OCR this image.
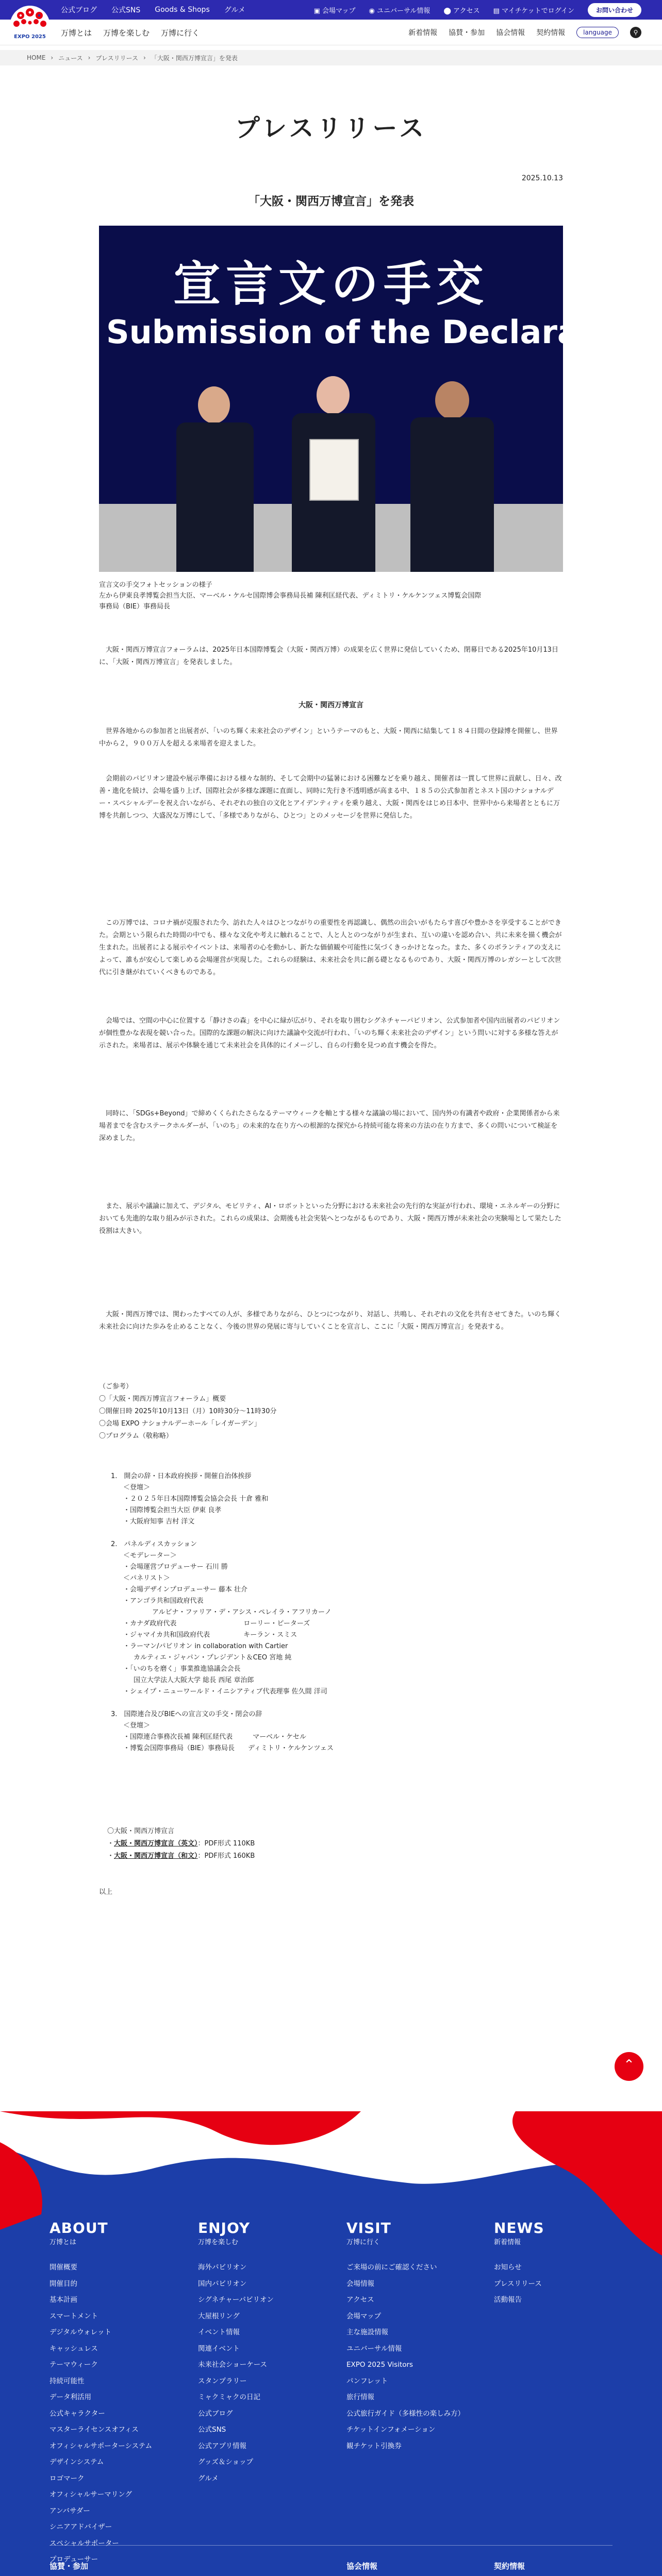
公式ブログ 公式SNS Goods & Shops グルメ	▣ 会場マップ ◉ ユニバーサル情報 ⬤ アクセス ▤ マイチケットでログイン	お問い合わせ
EXPO 2025	万博とは 万博を楽しむ 万博に行く	新着情報 協賛・参加 協会情報 契約情報	language	⚲
HOME › ニュース › プレスリリース › 「大阪・関西万博宣言」を発表
プレスリリース
2025.10.13
「大阪・関西万博宣言」を発表
宣言文の手交
Submission of the Declaration
宣言文の手交フォトセッションの様子
左から伊東良孝博覧会担当大臣、マーベル・ケルセ国際博会事務局長補 陳利匡経代表、ディミトリ・ケルケンツェス博覧会国際
事務局（BIE）事務局長

　大阪・関西万博宣言フォーラムは、2025年日本国際博覧会（大阪・関西万博）の成果を広く世界に発信していくため、閉幕日である2025年10月13日に、「大阪・関西万博宣言」を発表しました。

大阪・関西万博宣言

　世界各地からの参加者と出展者が、「いのち輝く未来社会のデザイン」というテーマのもと、大阪・関西に結集して１８４日間の登録博を開催し、世界中から２，９００万人を超える来場者を迎えました。

　会期前のパビリオン建設や展示準備における様々な制約、そして会期中の猛暑における困難などを乗り越え、開催者は一貫して世界に貢献し、日々、改善・進化を続け、会場を盛り上げ、国際社会が多様な課題に直面し、同時に先行き不透明感が高まる中、１８５の公式参加者とネスト国のナショナルデー・スペシャルデーを祝え合いながら、それぞれの独自の文化とアイデンティティを乗り越え、大阪・関西をはじめ日本中、世界中から来場者とともに万博を共創しつつ、大盛況な万博にして、「多様でありながら、ひとつ」とのメッセージを世界に発信した。

　この万博では、コロナ禍が克服された今、訪れた人々はひとつながりの重要性を再認識し、偶然の出会いがもたらす喜びや豊かさを享受することができた。会期という限られた時間の中でも、様々な文化や考えに触れることで、人と人とのつながりが生まれ、互いの違いを認め合い、共に未来を描く機会が生まれた。出展者による展示やイベントは、来場者の心を動かし、新たな価値観や可能性に気づくきっかけとなった。また、多くのボランティアの支えによって、誰もが安心して楽しめる会場運営が実現した。これらの経験は、未来社会を共に創る礎となるものであり、大阪・関西万博のレガシーとして次世代に引き継がれていくべきものである。

　会場では、空間の中心に位置する「静けさの森」を中心に緑が広がり、それを取り囲むシグネチャーパビリオン、公式参加者や国内出展者のパビリオンが個性豊かな表現を競い合った。国際的な課題の解決に向けた議論や交流が行われ、「いのち輝く未来社会のデザイン」という問いに対する多様な答えが示された。来場者は、展示や体験を通じて未来社会を具体的にイメージし、自らの行動を見つめ直す機会を得た。

　同時に、「SDGs+Beyond」で締めくくられたさらなるテーマウィークを軸とする様々な議論の場において、国内外の有識者や政府・企業関係者から来場者までを含むステークホルダーが、「いのち」の未来的な在り方への根源的な探究から持続可能な将来の方法の在り方まで、多くの問いについて検証を深めました。

　また、展示や議論に加えて、デジタル、モビリティ、AI・ロボットといった分野における未来社会の先行的な実証が行われ、環境・エネルギーの分野においても先進的な取り組みが示された。これらの成果は、会期後も社会実装へとつながるものであり、大阪・関西万博が未来社会の実験場として果たした役割は大きい。

　大阪・関西万博では、関わったすべての人が、多様でありながら、ひとつにつながり、対話し、共鳴し、それぞれの文化を共有させてきた。いのち輝く未来社会に向けた歩みを止めることなく、今後の世界の発展に寄与していくことを宣言し、ここに「大阪・関西万博宣言」を発表する。

（ご参考）
〇「大阪・関西万博宣言フォーラム」概要
〇開催日時 2025年10月13日（月）10時30分～11時30分
〇会場 EXPO ナショナルデーホール「レイガーデン」
〇プログラム（敬称略）
1.　開会の辞・日本政府挨拶・開催自治体挨拶
＜登壇＞
・２０２５年日本国際博覧会協会会長 十倉 雅和
・国際博覧会担当大臣 伊東 良孝
・大阪府知事 吉村 洋文

2.　パネルディスカッション
＜モデレーター＞
・会場運営プロデューサー 石川 勝
＜パネリスト＞
・会場デザインプロデューサー 藤本 壮介
・アンゴラ共和国政府代表
アルビナ・ファリア・デ・アシス・ペレイラ・アフリカーノ
・カナダ政府代表　　　　　　　　　　ローリー・ピーターズ
・ジャマイカ共和国政府代表　　　　　キーラン・スミス
・ラーマン/パビリオン in collaboration with Cartier
カルティエ・ジャパン・プレジデント＆CEO 宮地 純
・「いのちを磨く」事業推進協議会会長
国立大学法人大阪大学 総長 西尾 章治郎
・シェイプ・ニューワールド・イニシアティブ代表理事 佐久間 洋司

3.　国際連合及びBIEへの宣言文の手交・閉会の辞
＜登壇＞
・国際連合事務次長補 陳利匡経代表　　　マーベル・ケセル
・博覧会国際事務局（BIE）事務局長　　ディミトリ・ケルケンツェス

〇大阪・関西万博宣言
・大阪・関西万博宣言（英文）：PDF形式 110KB
・大阪・関西万博宣言（和文）：PDF形式 160KB
以上
⌃
ABOUT
万博とは
開催概要
開催目的
基本計画
スマートメント
デジタルウォレット
キャッシュレス
テーマウィーク
持続可能性
データ利活用
公式キャラクター
マスターライセンスオフィス
オフィシャルサポーターシステム
デザインシステム
ロゴマーク
オフィシャルサーマリング
アンバサダー
シニアアドバイザー
スペシャルサポーター
プロデューサー
ENJOY
万博を楽しむ
海外パビリオン
国内パビリオン
シグネチャーパビリオン
大屋根リング
イベント情報
関連イベント
未来社会ショーケース
スタンプラリー
ミャクミャクの日記
公式ブログ
公式SNS
公式アプリ情報
グッズ＆ショップ
グルメ
VISIT
万博に行く
ご来場の前にご確認ください
会場情報
アクセス
会場マップ
主な施設情報
ユニバーサル情報
EXPO 2025 Visitors
パンフレット
旅行情報
公式旅行ガイド（多様性の楽しみ方）
チケットインフォメーション
観チケット引換券
NEWS
新着情報
お知らせ
プレスリリース
活動報告
協賛・参加	協会情報	契約情報
